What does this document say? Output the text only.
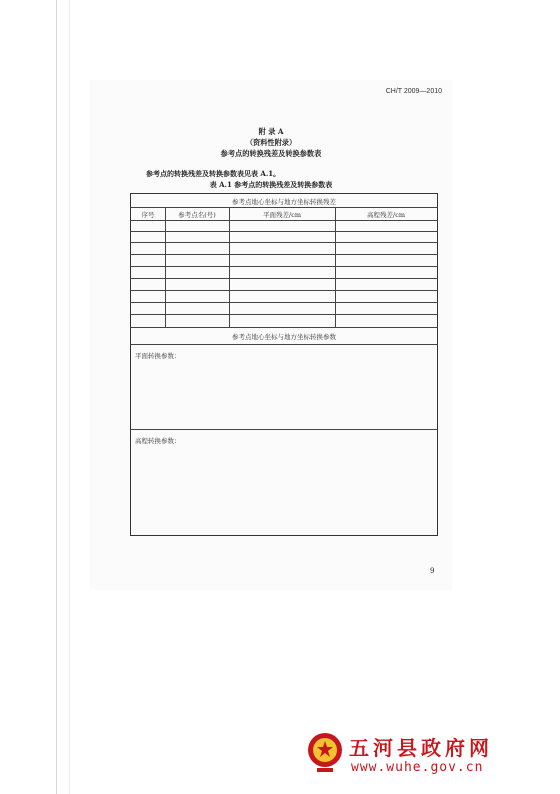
CH/T 2009—2010
附 录 A
（资料性附录）
参考点的转换残差及转换参数表
参考点的转换残差及转换参数表见表 A.1。
表 A.1 参考点的转换残差及转换参数表
参考点地心坐标与地方坐标转换残差
序号	参考点名(号)	平面残差/cm	高程残差/cm
参考点地心坐标与地方坐标转换参数
平面转换参数：
高程转换参数：
9
五河县政府网
www.wuhe.gov.cn
